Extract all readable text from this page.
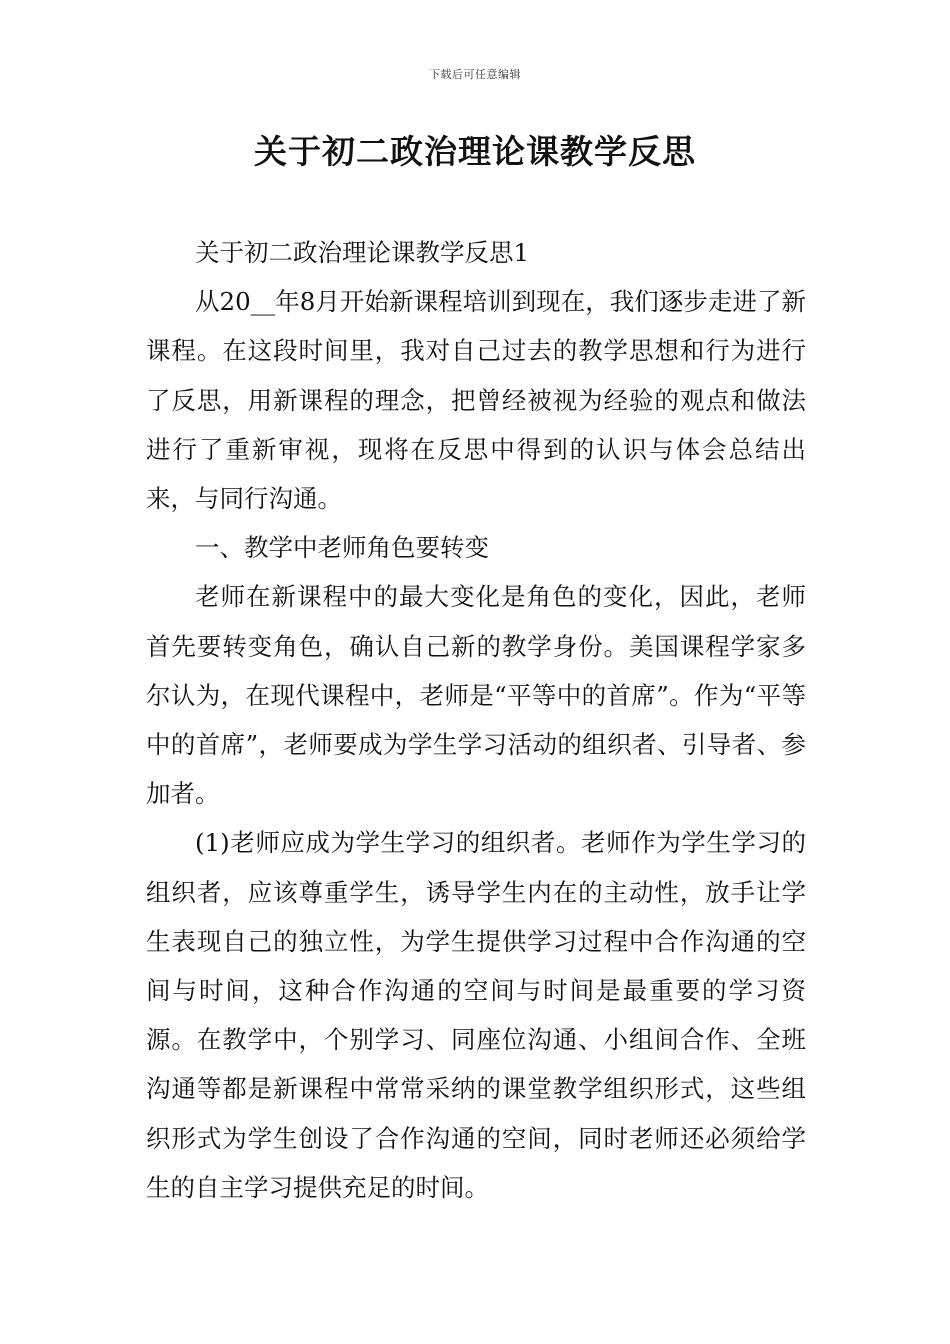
下载后可任意编辑
关于初二政治理论课教学反思

关于初二政治理论课教学反思1

从20__年8月开始新课程培训到现在，我们逐步走进了新课程。在这段时间里，我对自己过去的教学思想和行为进行了反思，用新课程的理念，把曾经被视为经验的观点和做法进行了重新审视，现将在反思中得到的认识与体会总结出来，与同行沟通。

一、教学中老师角色要转变

老师在新课程中的最大变化是角色的变化，因此，老师首先要转变角色，确认自己新的教学身份。美国课程学家多尔认为，在现代课程中，老师是“平等中的首席”。作为“平等中的首席”，老师要成为学生学习活动的组织者、引导者、参加者。

(1)老师应成为学生学习的组织者。老师作为学生学习的组织者，应该尊重学生，诱导学生内在的主动性，放手让学生表现自己的独立性，为学生提供学习过程中合作沟通的空间与时间，这种合作沟通的空间与时间是最重要的学习资源。在教学中，个别学习、同座位沟通、小组间合作、全班沟通等都是新课程中常常采纳的课堂教学组织形式，这些组织形式为学生创设了合作沟通的空间，同时老师还必须给学生的自主学习提供充足的时间。
